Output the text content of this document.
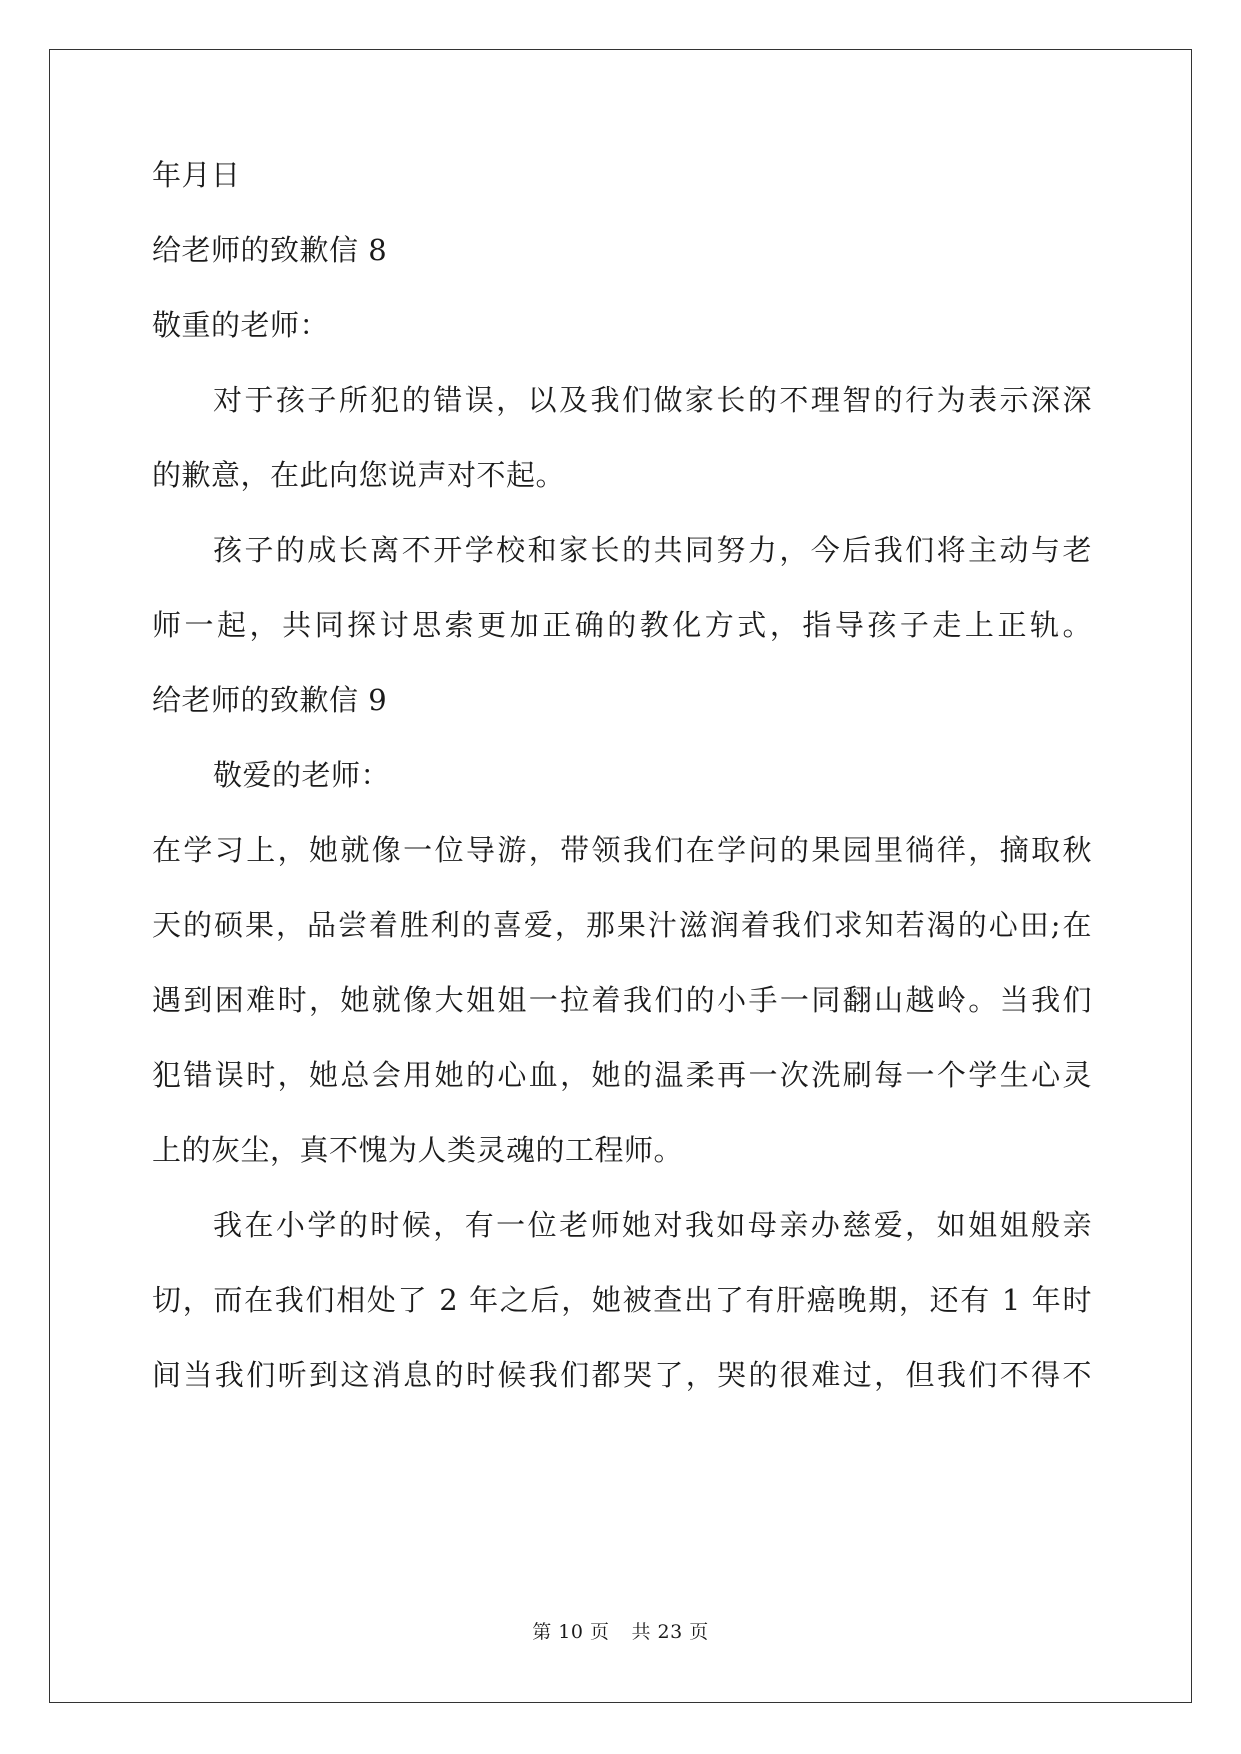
年月日
给老师的致歉信 8
敬重的老师：
对于孩子所犯的错误，以及我们做家长的不理智的行为表示深深
的歉意，在此向您说声对不起。
孩子的成长离不开学校和家长的共同努力，今后我们将主动与老
师一起，共同探讨思索更加正确的教化方式，指导孩子走上正轨。
给老师的致歉信 9
敬爱的老师：
在学习上，她就像一位导游，带领我们在学问的果园里徜徉，摘取秋
天的硕果，品尝着胜利的喜爱，那果汁滋润着我们求知若渴的心田;在
遇到困难时，她就像大姐姐一拉着我们的小手一同翻山越岭。当我们
犯错误时，她总会用她的心血，她的温柔再一次洗刷每一个学生心灵
上的灰尘，真不愧为人类灵魂的工程师。
我在小学的时候，有一位老师她对我如母亲办慈爱，如姐姐般亲
切，而在我们相处了 2 年之后，她被查出了有肝癌晚期，还有 1 年时
间当我们听到这消息的时候我们都哭了，哭的很难过，但我们不得不
第 10 页 共 23 页
